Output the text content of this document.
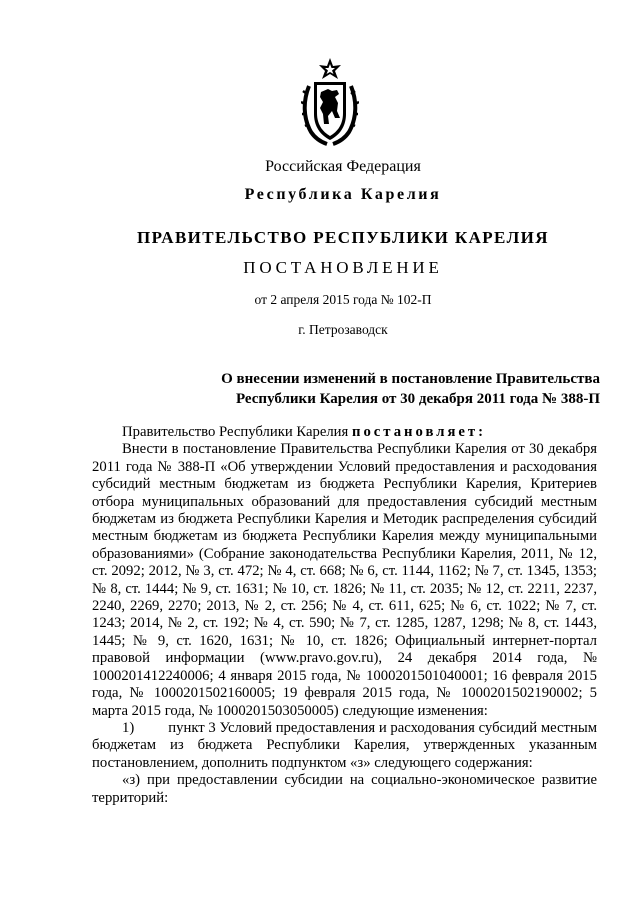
Российская Федерация
Республика Карелия
ПРАВИТЕЛЬСТВО РЕСПУБЛИКИ КАРЕЛИЯ
ПОСТАНОВЛЕНИЕ
от 2 апреля 2015 года № 102-П
г. Петрозаводск
О внесении изменений в постановление Правительства
Республики Карелия от 30 декабря 2011 года № 388-П

Правительство Республики Карелия постановляет:

Внести в постановление Правительства Республики Карелия от 30 декабря 2011 года № 388-П «Об утверждении Условий предоставления и расходования субсидий местным бюджетам из бюджета Республики Карелия, Критериев отбора муниципальных образований для предоставления субсидий местным бюджетам из бюджета Республики Карелия и Методик распределения субсидий местным бюджетам из бюджета Республики Карелия между муниципальными образованиями» (Собрание законодательства Республики Карелия, 2011, № 12, ст. 2092; 2012, № 3, ст. 472; № 4, ст. 668; № 6, ст. 1144, 1162; № 7, ст. 1345, 1353; № 8, ст. 1444; № 9, ст. 1631; № 10, ст. 1826; № 11, ст. 2035; № 12, ст. 2211, 2237, 2240, 2269, 2270; 2013, № 2, ст. 256; № 4, ст. 611, 625; № 6, ст. 1022; № 7, ст. 1243; 2014, № 2, ст. 192; № 4, ст. 590; № 7, ст. 1285, 1287, 1298; № 8, ст. 1443, 1445; № 9, ст. 1620, 1631; № 10, ст. 1826; Официальный интернет-портал правовой информации (www.pravo.gov.ru), 24 декабря 2014 года, № 1000201412240006; 4 января 2015 года, № 1000201501040001; 16 февраля 2015 года, № 1000201502160005; 19 февраля 2015 года, № 1000201502190002; 5 марта 2015 года, № 1000201503050005) следующие изменения:

1) пункт 3 Условий предоставления и расходования субсидий местным бюджетам из бюджета Республики Карелия, утвержденных указанным постановлением, дополнить подпунктом «з» следующего содержания:

«з) при предоставлении субсидии на социально-экономическое развитие территорий:
